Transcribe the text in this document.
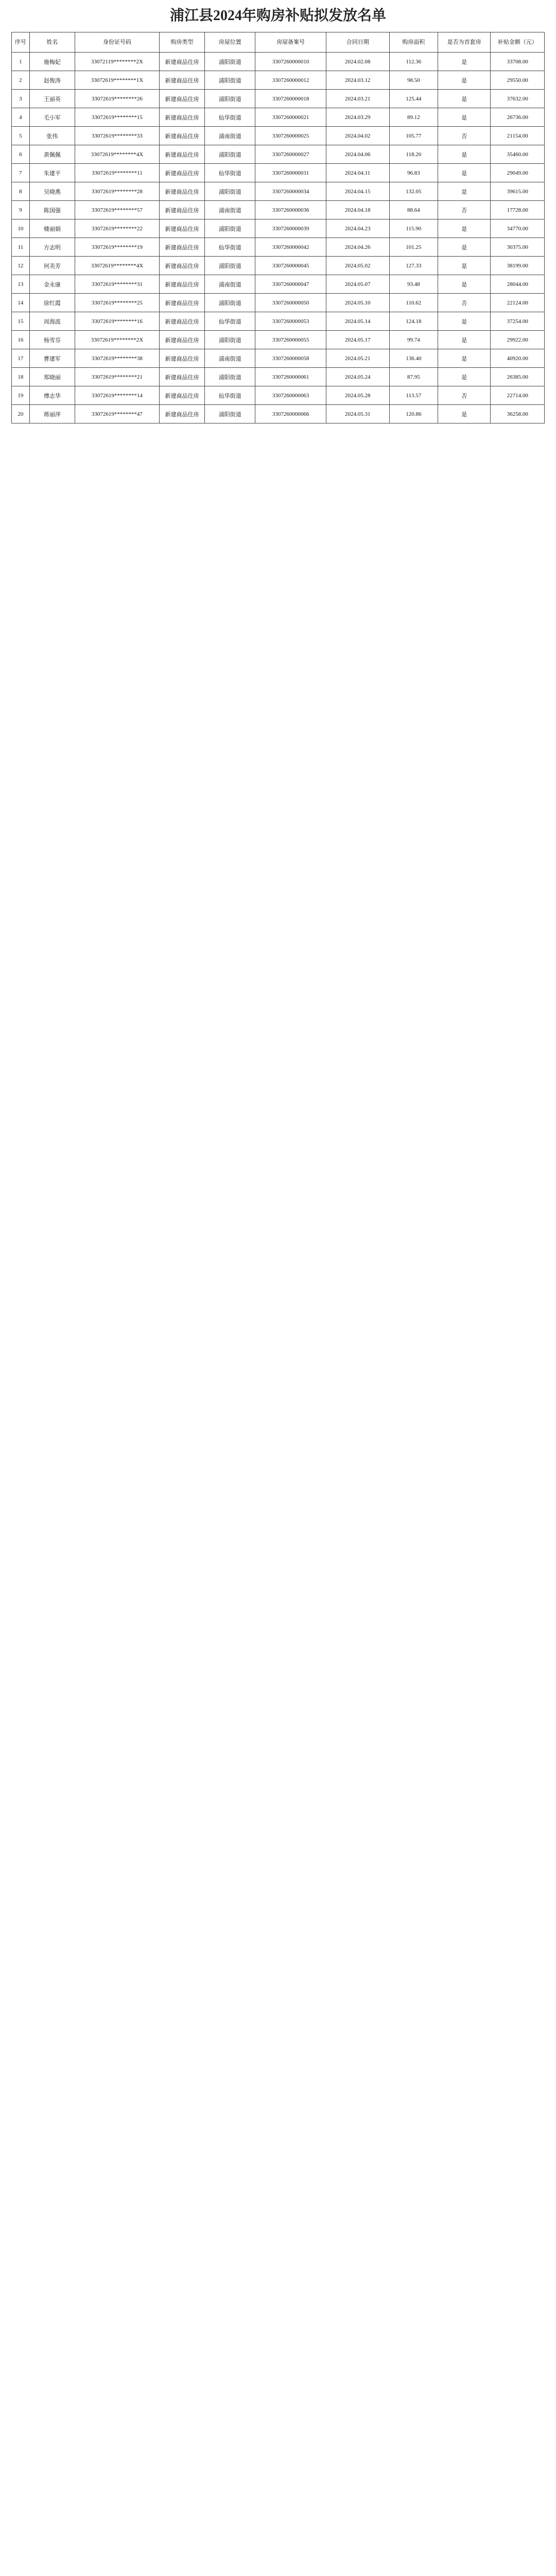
浦江县2024年购房补贴拟发放名单
序号	姓名	身份证号码	购房类型	房屋位置	房屋备案号	合同日期	购房面积	是否为首套房	补贴金额（元）
1	施梅妃	33072119********2X	新建商品住房	浦阳街道	3307260000010	2024.02.08	112.36	是	33708.00
2	赵俊涛	33072619********1X	新建商品住房	浦阳街道	3307260000012	2024.03.12	98.50	是	29550.00
3	王丽英	33072619********26	新建商品住房	浦阳街道	3307260000018	2024.03.21	125.44	是	37632.00
4	毛小军	33072619********15	新建商品住房	仙华街道	3307260000021	2024.03.29	89.12	是	26736.00
5	张伟	33072619********33	新建商品住房	浦南街道	3307260000025	2024.04.02	105.77	否	21154.00
6	黄佩佩	33072619********4X	新建商品住房	浦阳街道	3307260000027	2024.04.06	118.20	是	35460.00
7	朱建平	33072619********11	新建商品住房	仙华街道	3307260000031	2024.04.11	96.83	是	29049.00
8	吴晓燕	33072619********28	新建商品住房	浦阳街道	3307260000034	2024.04.15	132.05	是	39615.00
9	陈国强	33072619********57	新建商品住房	浦南街道	3307260000036	2024.04.18	88.64	否	17728.00
10	楼丽娟	33072619********22	新建商品住房	浦阳街道	3307260000039	2024.04.23	115.90	是	34770.00
11	方志明	33072619********19	新建商品住房	仙华街道	3307260000042	2024.04.26	101.25	是	30375.00
12	何美芳	33072619********4X	新建商品住房	浦阳街道	3307260000045	2024.05.02	127.33	是	38199.00
13	金永康	33072619********31	新建商品住房	浦南街道	3307260000047	2024.05.07	93.48	是	28044.00
14	徐红霞	33072619********25	新建商品住房	浦阳街道	3307260000050	2024.05.10	110.62	否	22124.00
15	周海波	33072619********16	新建商品住房	仙华街道	3307260000053	2024.05.14	124.18	是	37254.00
16	杨雪芬	33072619********2X	新建商品住房	浦阳街道	3307260000055	2024.05.17	99.74	是	29922.00
17	曹建军	33072619********38	新建商品住房	浦南街道	3307260000058	2024.05.21	136.40	是	40920.00
18	郑晓丽	33072619********21	新建商品住房	浦阳街道	3307260000061	2024.05.24	87.95	是	26385.00
19	傅志华	33072619********14	新建商品住房	仙华街道	3307260000063	2024.05.28	113.57	否	22714.00
20	蒋丽萍	33072619********47	新建商品住房	浦阳街道	3307260000066	2024.05.31	120.86	是	36258.00
